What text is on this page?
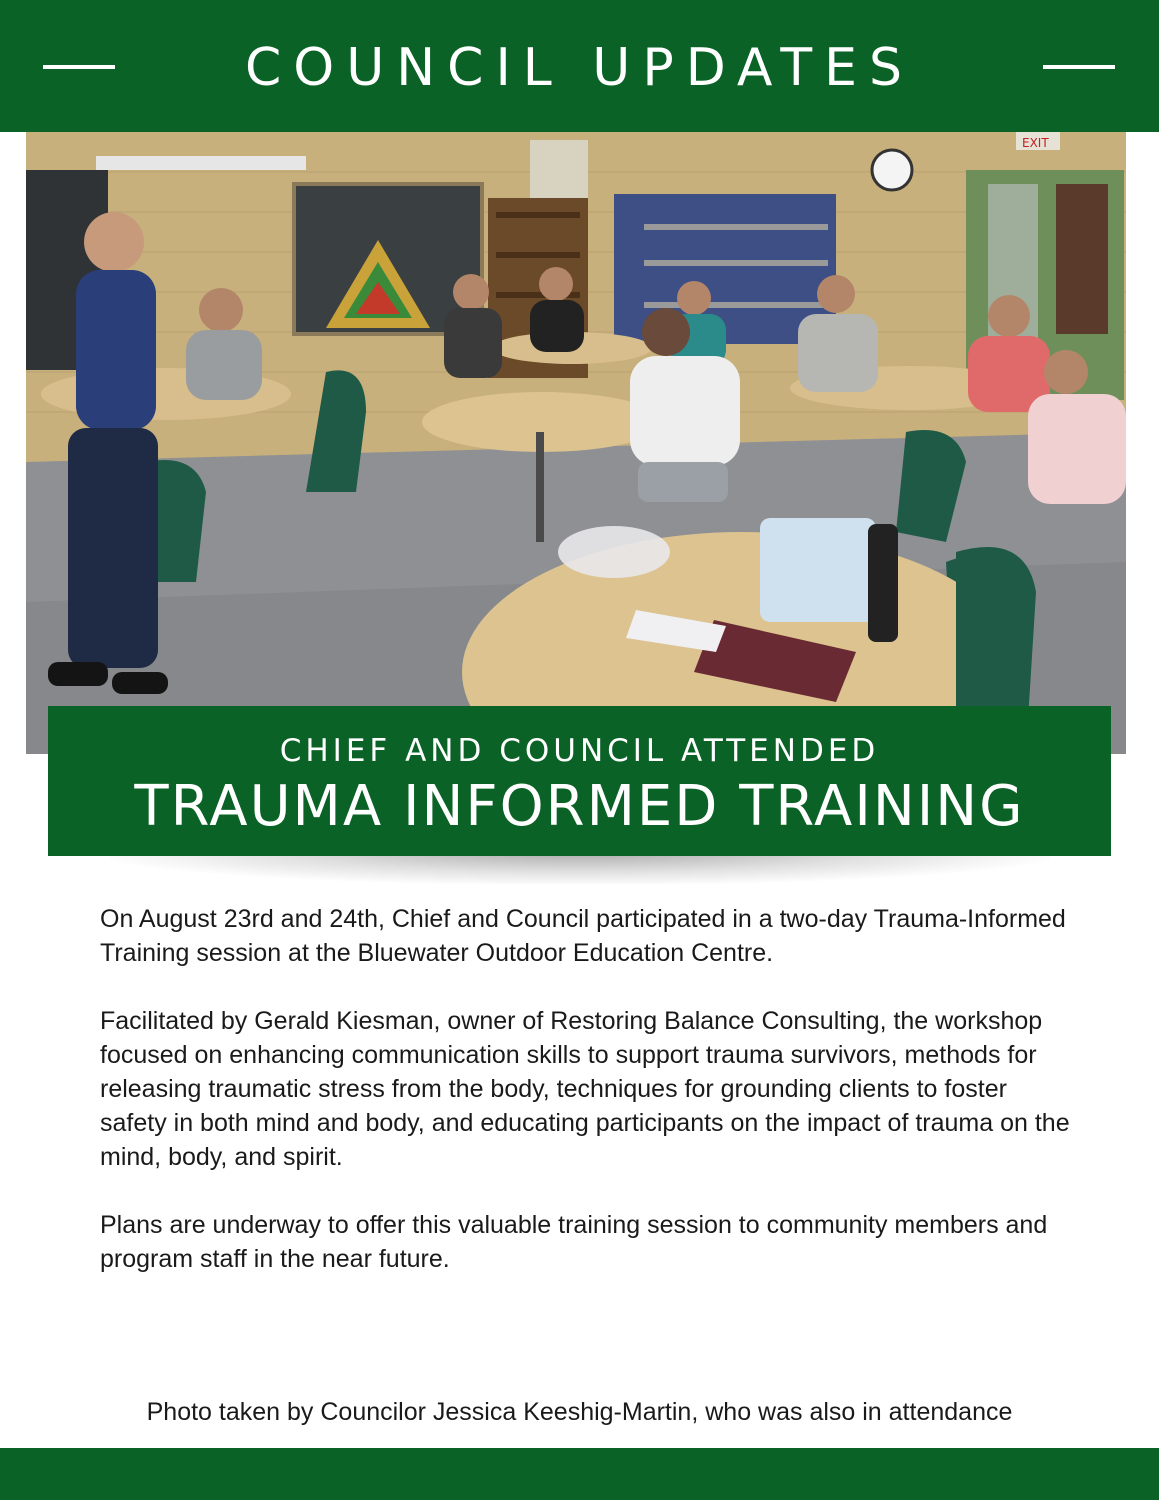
COUNCIL UPDATES
EXIT
CHIEF AND COUNCIL ATTENDED
TRAUMA INFORMED TRAINING

On August 23rd and 24th, Chief and Council participated in a two-day Trauma-Informed Training session at the Bluewater Outdoor Education Centre.

Facilitated by Gerald Kiesman, owner of Restoring Balance Consulting, the workshop focused on enhancing communication skills to support trauma survivors, methods for releasing traumatic stress from the body, techniques for grounding clients to foster safety in both mind and body, and educating participants on the impact of trauma on the mind, body, and spirit.

Plans are underway to offer this valuable training session to community members and program staff in the near future.

Photo taken by Councilor Jessica Keeshig-Martin, who was also in attendance
